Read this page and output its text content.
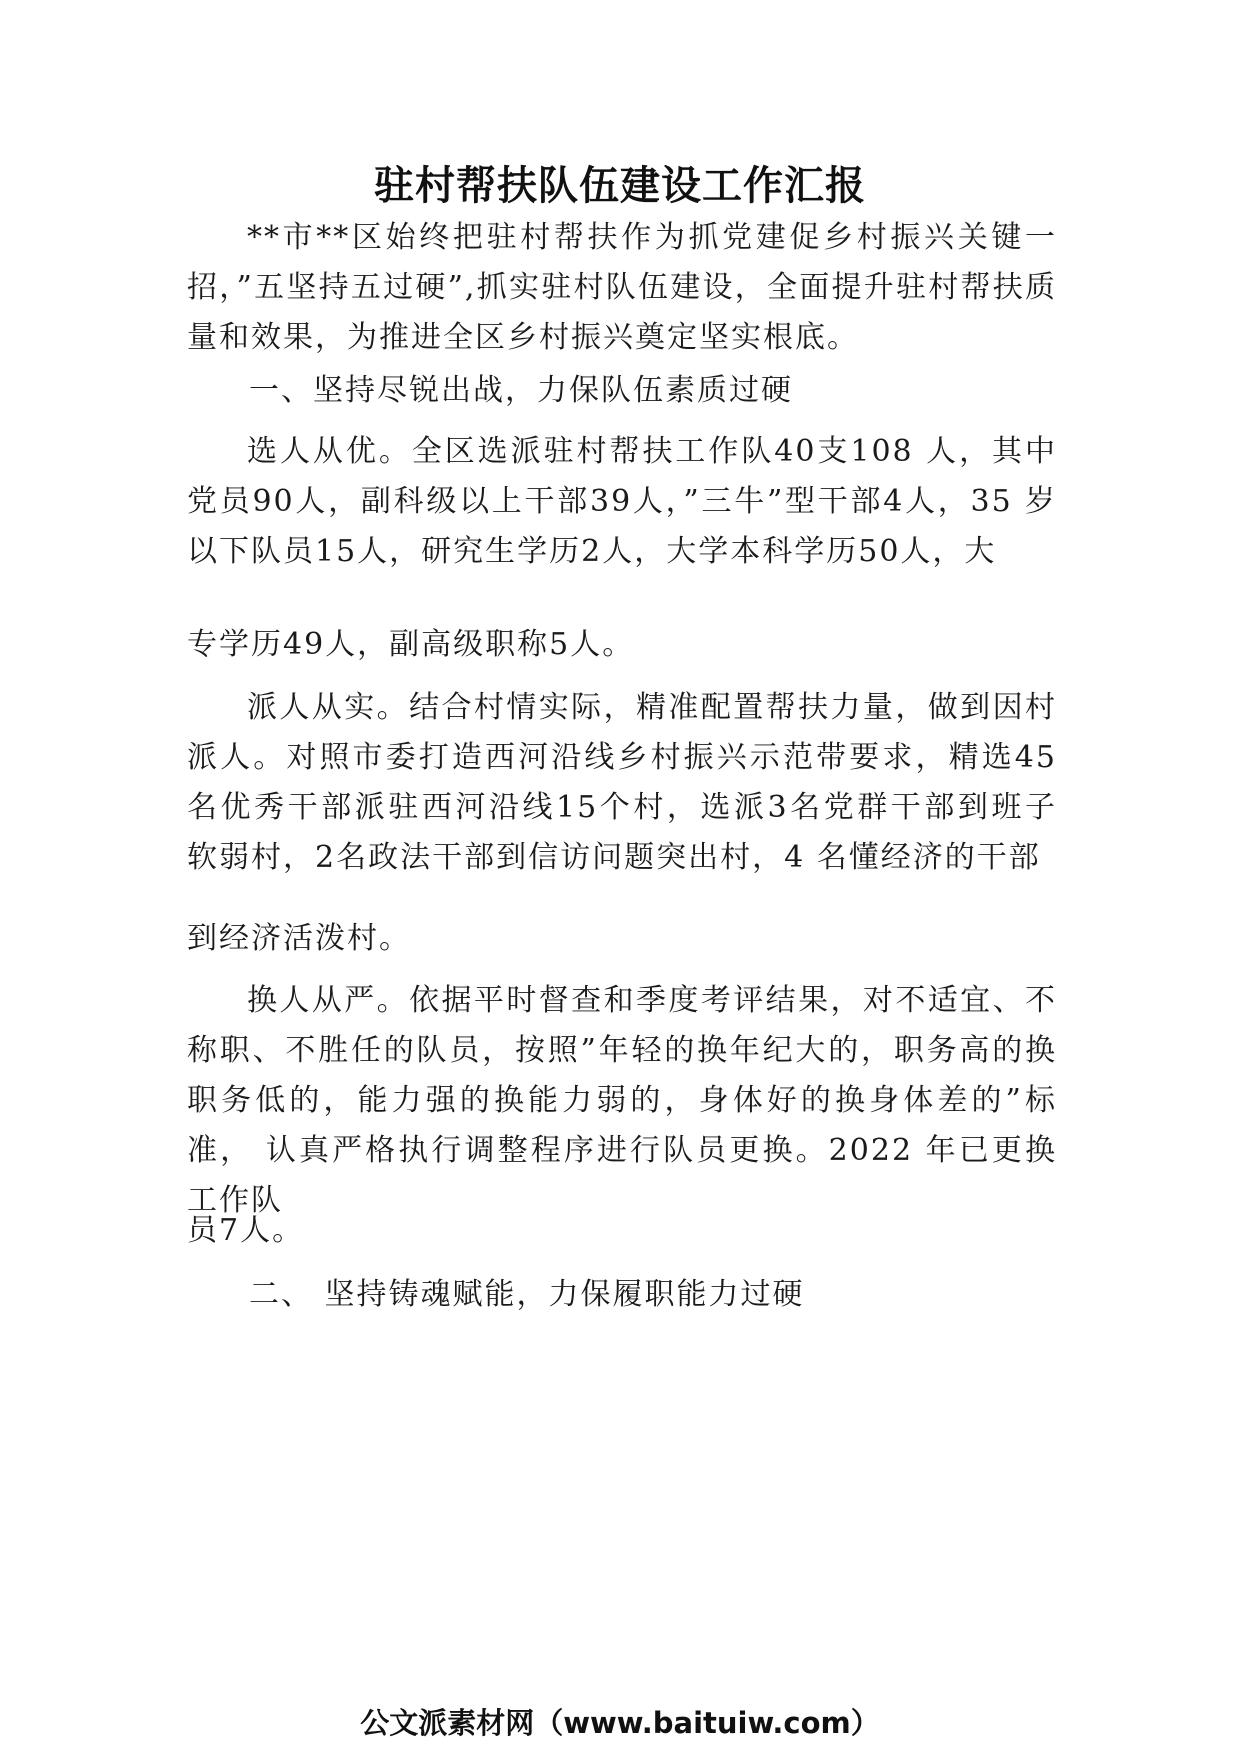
驻村帮扶队伍建设工作汇报

**市**区始终把驻村帮扶作为抓党建促乡村振兴关键一招，”五坚持五过硬”,抓实驻村队伍建设，全面提升驻村帮扶质量和效果，为推进全区乡村振兴奠定坚实根底。

一、坚持尽锐出战，力保队伍素质过硬

选人从优。全区选派驻村帮扶工作队40支108 人，其中 党员90人，副科级以上干部39人，”三牛”型干部4人，35 岁以下队员15人，研究生学历2人，大学本科学历50人，大

专学历49人，副高级职称5人。

派人从实。结合村情实际，精准配置帮扶力量，做到因村派人。对照市委打造西河沿线乡村振兴示范带要求，精选45 名优秀干部派驻西河沿线15个村，选派3名党群干部到班子 软弱村，2名政法干部到信访问题突出村，4 名懂经济的干部

到经济活泼村。

换人从严。依据平时督查和季度考评结果，对不适宜、不称职、不胜任的队员，按照”年轻的换年纪大的，职务高的换职务低的，能力强的换能力弱的，身体好的换身体差的”标准， 认真严格执行调整程序进行队员更换。2022 年已更换工作队

员7人。

二、 坚持铸魂赋能，力保履职能力过硬

公文派素材网（www.baituiw.com）
